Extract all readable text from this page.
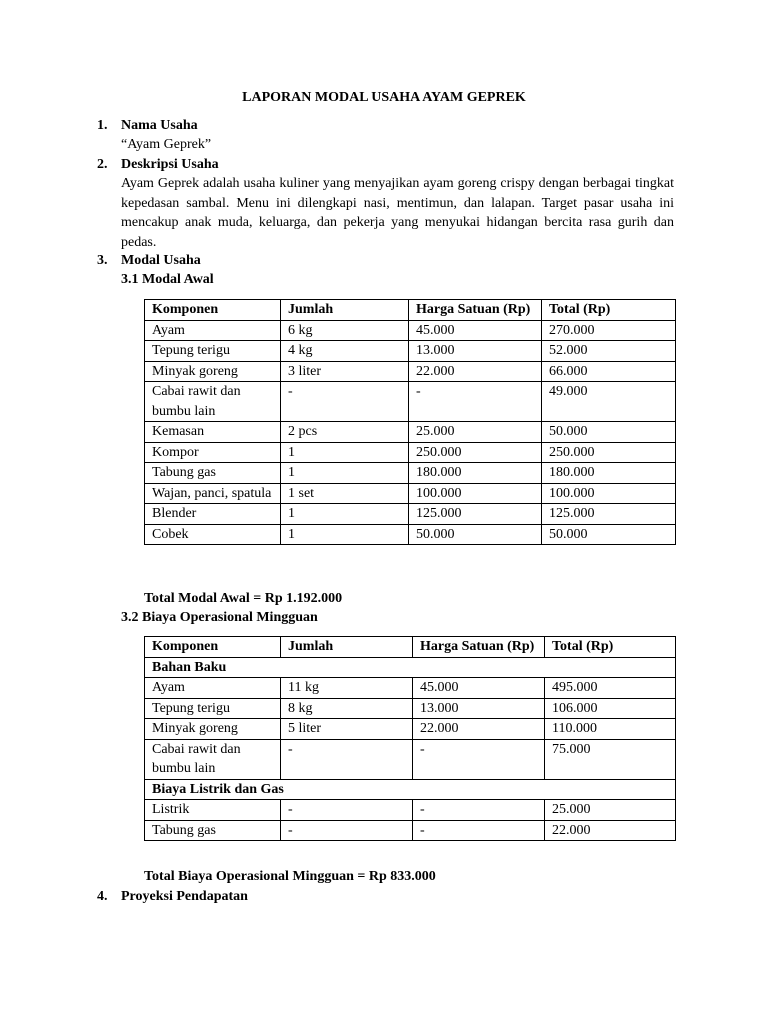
LAPORAN MODAL USAHA AYAM GEPREK
1. Nama Usaha
“Ayam Geprek”
2. Deskripsi Usaha
Ayam Geprek adalah usaha kuliner yang menyajikan ayam goreng crispy dengan berbagai tingkat kepedasan sambal. Menu ini dilengkapi nasi, mentimun, dan lalapan. Target pasar usaha ini mencakup anak muda, keluarga, dan pekerja yang menyukai hidangan bercita rasa gurih dan pedas.
3. Modal Usaha
3.1 Modal Awal
Komponen	Jumlah	Harga Satuan (Rp)	Total (Rp)
Ayam	6 kg	45.000	270.000
Tepung terigu	4 kg	13.000	52.000
Minyak goreng	3 liter	22.000	66.000
Cabai rawit dan bumbu lain	-	-	49.000
Kemasan	2 pcs	25.000	50.000
Kompor	1	250.000	250.000
Tabung gas	1	180.000	180.000
Wajan, panci, spatula	1 set	100.000	100.000
Blender	1	125.000	125.000
Cobek	1	50.000	50.000
Total Modal Awal = Rp 1.192.000
3.2 Biaya Operasional Mingguan
Komponen	Jumlah	Harga Satuan (Rp)	Total (Rp)
Bahan Baku			
Ayam	11 kg	45.000	495.000
Tepung terigu	8 kg	13.000	106.000
Minyak goreng	5 liter	22.000	110.000
Cabai rawit dan bumbu lain	-	-	75.000
Biaya Listrik dan Gas			
Listrik	-	-	25.000
Tabung gas	-	-	22.000
Total Biaya Operasional Mingguan = Rp 833.000
4. Proyeksi Pendapatan
